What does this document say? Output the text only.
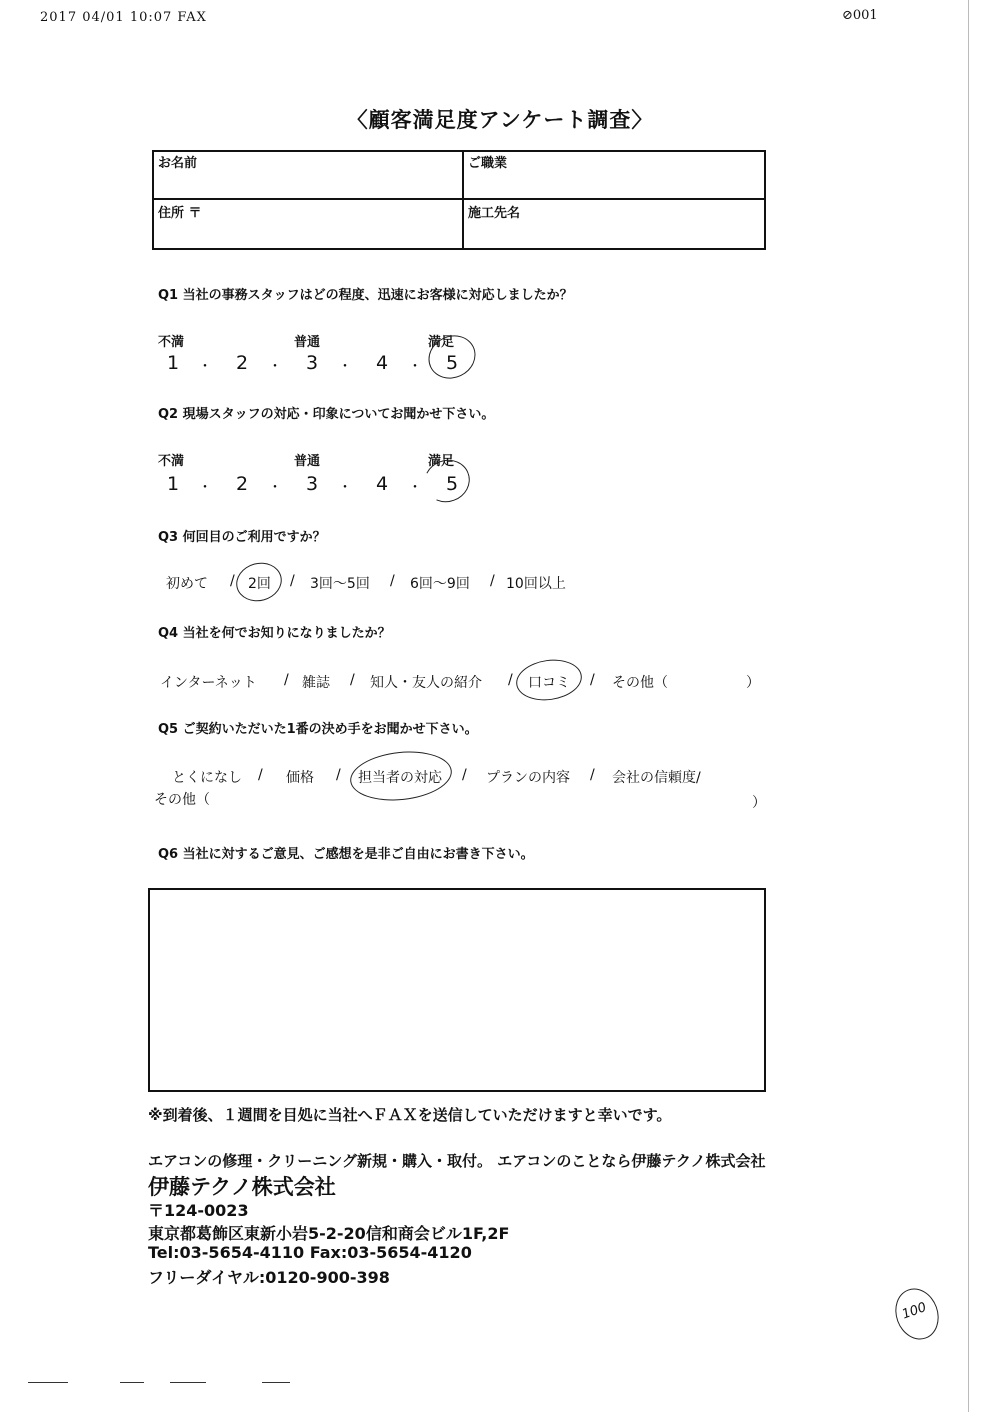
2017 04/01 10:07 FAX	⊘001
〈顧客満足度アンケート調査〉
お名前	ご職業
住所 〒	施工先名
Q1 当社の事務スタッフはどの程度、迅速にお客様に対応しましたか？
不満	普通	満足
1 ・ 2 ・ 3 ・ 4 ・ 5
Q2 現場スタッフの対応・印象についてお聞かせ下さい。
不満	普通	満足
1 ・ 2 ・ 3 ・ 4 ・ 5
Q3 何回目のご利用ですか？
初めて / 2回 / 3回～5回 / 6回～9回 / 10回以上
Q4 当社を何でお知りになりましたか？
インターネット / 雑誌 / 知人・友人の紹介 / 口コミ / その他（	）
Q5 ご契約いただいた1番の決め手をお聞かせ下さい。
とくになし / 価格 / 担当者の対応 / プランの内容 / 会社の信頼度/
その他（	）
Q6 当社に対するご意見、ご感想を是非ご自由にお書き下さい。
※到着後、１週間を目処に当社へＦＡＸを送信していただけますと幸いです。
エアコンの修理・クリーニング新規・購入・取付。 エアコンのことなら伊藤テクノ株式会社
伊藤テクノ株式会社
〒124-0023
東京都葛飾区東新小岩5-2-20信和商会ビル1F,2F
Tel:03-5654-4110 Fax:03-5654-4120
フリーダイヤル:0120-900-398
100
